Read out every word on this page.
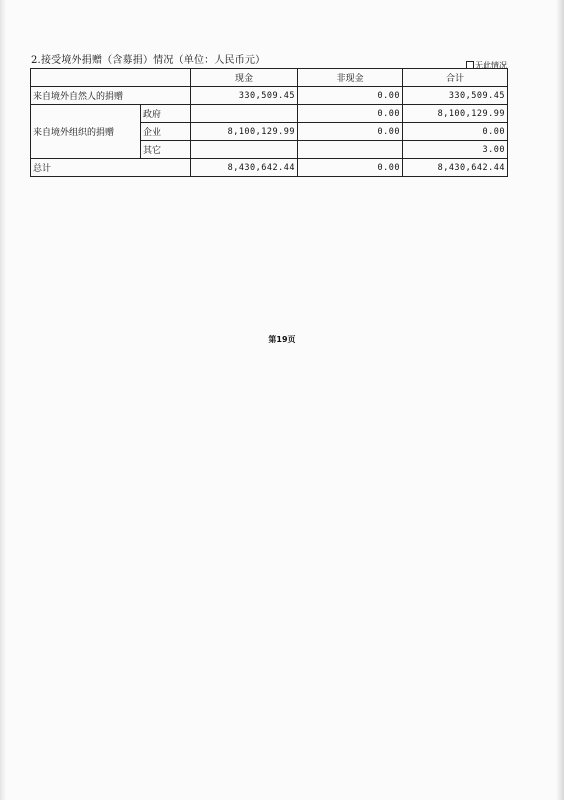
2.接受境外捐赠（含募捐）情况（单位：人民币元）	无此情况
		现金	非现金	合计
来自境外自然人的捐赠		330,509.45	0.00	330,509.45
来自境外组织的捐赠	政府		0.00	8,100,129.99
	企业	8,100,129.99	0.00	0.00
	其它			3.00
总计		8,430,642.44	0.00	8,430,642.44
第19页
